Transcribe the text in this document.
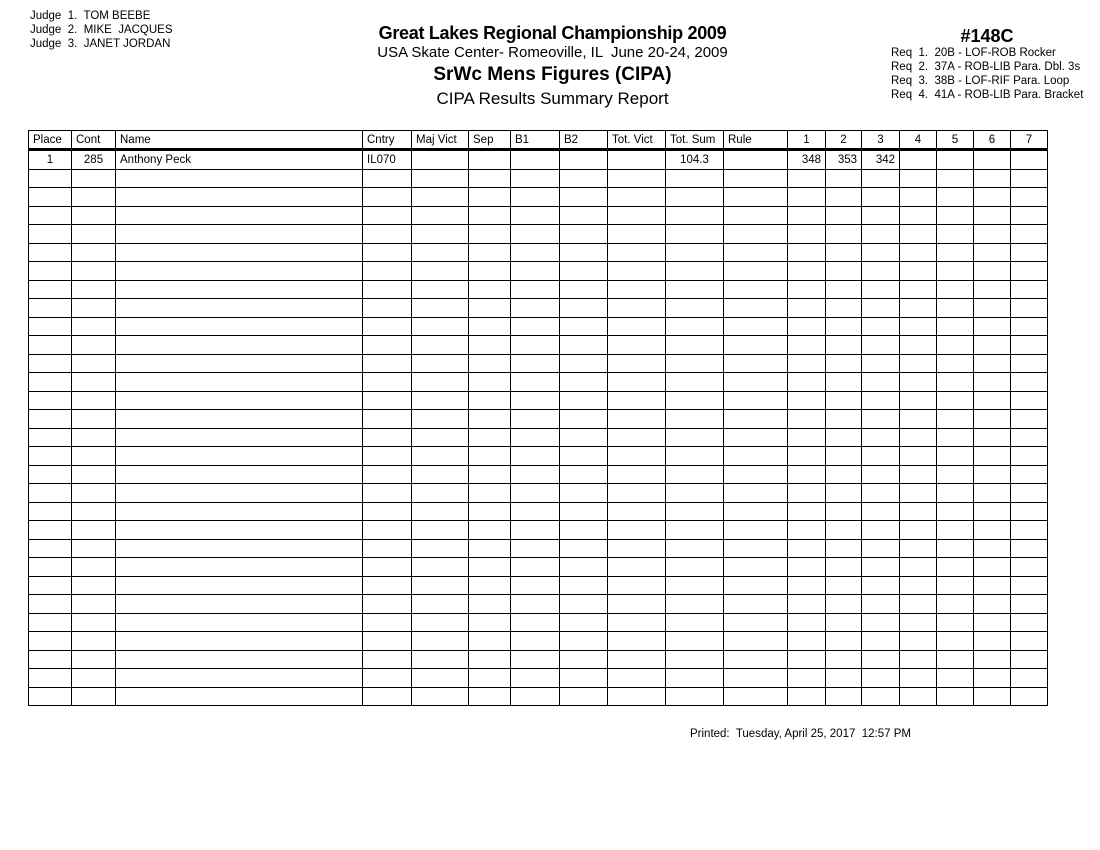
Judge  1.  TOM BEEBE
Judge  2.  MIKE  JACQUES
Judge  3.  JANET JORDAN
Great Lakes Regional Championship 2009
USA Skate Center- Romeoville, IL  June 20-24, 2009
SrWc Mens Figures (CIPA)
CIPA Results Summary Report
#148C
Req  1.  20B - LOF-ROB Rocker
Req  2.  37A - ROB-LIB Para. Dbl. 3s
Req  3.  38B - LOF-RIF Para. Loop
Req  4.  41A - ROB-LIB Para. Bracket
Place	Cont	Name	Cntry	Maj Vict	Sep	B1	B2	Tot. Vict	Tot. Sum	Rule	1	2	3	4	5	6	7
1	285	Anthony Peck	IL070						104.3		348	353	342				

Printed:  Tuesday, April 25, 2017  12:57 PM
